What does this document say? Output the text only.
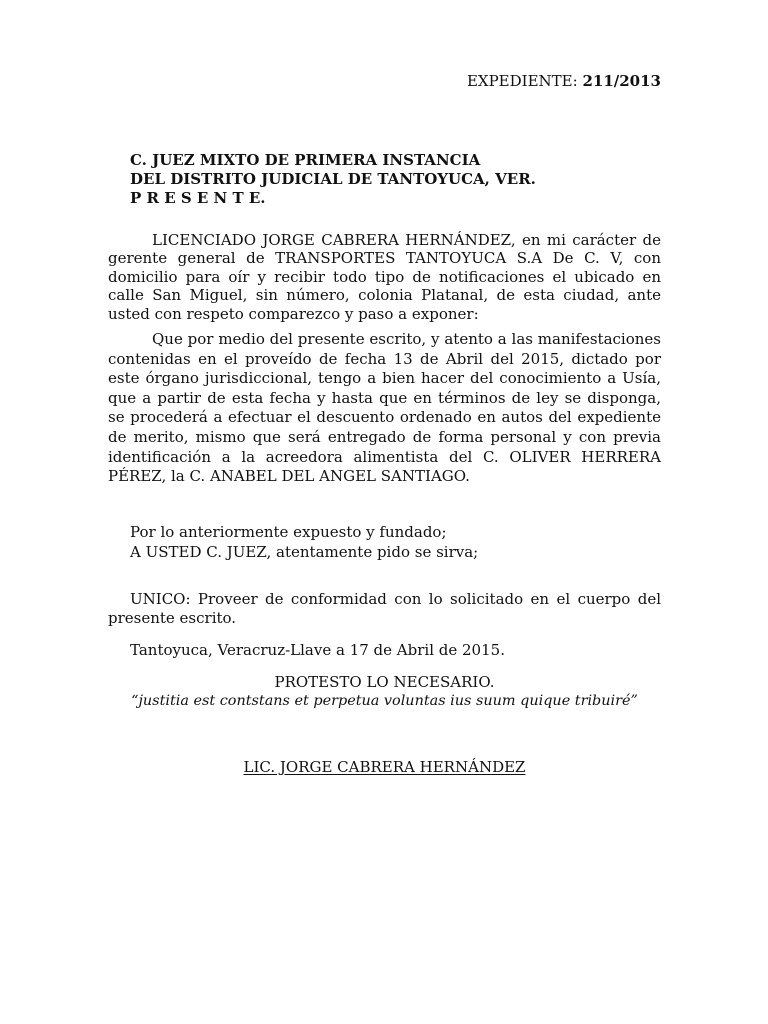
EXPEDIENTE: 211/2013
C. JUEZ MIXTO DE PRIMERA INSTANCIA
DEL DISTRITO JUDICIAL DE TANTOYUCA, VER.
P R E S E N T E.

LICENCIADO JORGE CABRERA HERNÁNDEZ, en mi carácter de gerente general de TRANSPORTES TANTOYUCA S.A De C. V, con domicilio para oír y recibir todo tipo de notificaciones el ubicado en calle San Miguel, sin número, colonia Platanal, de esta ciudad, ante usted con respeto comparezco y paso a exponer:

Que por medio del presente escrito, y atento a las manifestaciones contenidas en el proveído de fecha 13 de Abril del 2015, dictado por este órgano jurisdiccional, tengo a bien hacer del conocimiento a Usía, que a partir de esta fecha y hasta que en términos de ley se disponga, se procederá a efectuar el descuento ordenado en autos del expediente de merito, mismo que será entregado de forma personal y con previa identificación a la acreedora alimentista del C. OLIVER HERRERA PÉREZ, la C. ANABEL DEL ANGEL SANTIAGO.

Por lo anteriormente expuesto y fundado;
A USTED C. JUEZ, atentamente pido se sirva;

UNICO: Proveer de conformidad con lo solicitado en el cuerpo del presente escrito.

Tantoyuca, Veracruz-Llave a 17 de Abril de 2015.
PROTESTO LO NECESARIO.
“justitia est contstans et perpetua voluntas ius suum quique tribuiré”
LIC. JORGE CABRERA HERNÁNDEZ
